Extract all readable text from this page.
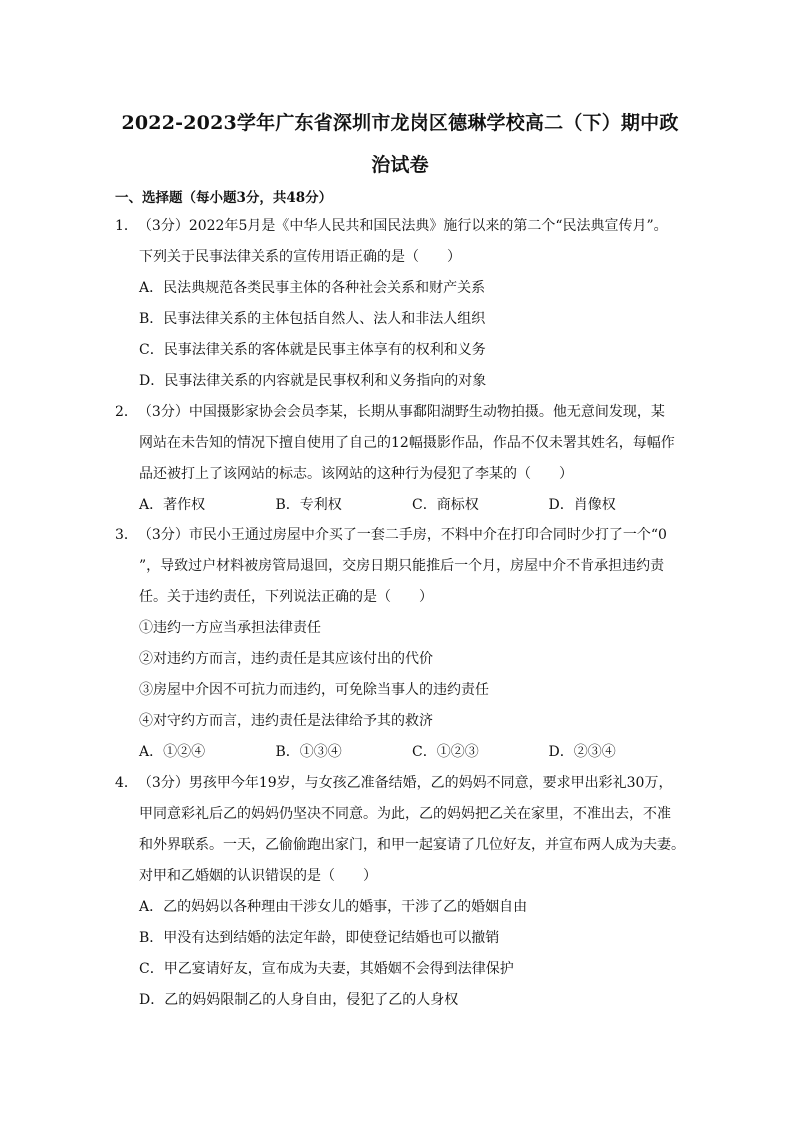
2022-2023学年广东省深圳市龙岗区德琳学校高二（下）期中政
治试卷
一、选择题（每小题3分，共48分）
1．（3分）2022年5月是《中华人民共和国民法典》施行以来的第二个“民法典宣传月”。
下列关于民事法律关系的宣传用语正确的是（　　）
A．民法典规范各类民事主体的各种社会关系和财产关系
B．民事法律关系的主体包括自然人、法人和非法人组织
C．民事法律关系的客体就是民事主体享有的权利和义务
D．民事法律关系的内容就是民事权利和义务指向的对象
2．（3分）中国摄影家协会会员李某，长期从事鄱阳湖野生动物拍摄。他无意间发现，某
网站在未告知的情况下擅自使用了自己的12幅摄影作品，作品不仅未署其姓名，每幅作
品还被打上了该网站的标志。该网站的这种行为侵犯了李某的（　　）
A．著作权	B．专利权	C．商标权	D．肖像权
3．（3分）市民小王通过房屋中介买了一套二手房，不料中介在打印合同时少打了一个“0
”，导致过户材料被房管局退回，交房日期只能推后一个月，房屋中介不肯承担违约责
任。关于违约责任，下列说法正确的是（　　）
①违约一方应当承担法律责任
②对违约方而言，违约责任是其应该付出的代价
③房屋中介因不可抗力而违约，可免除当事人的违约责任
④对守约方而言，违约责任是法律给予其的救济
A．①②④	B．①③④	C．①②③	D．②③④
4．（3分）男孩甲今年19岁，与女孩乙准备结婚，乙的妈妈不同意，要求甲出彩礼30万，
甲同意彩礼后乙的妈妈仍坚决不同意。为此，乙的妈妈把乙关在家里，不准出去，不准
和外界联系。一天，乙偷偷跑出家门，和甲一起宴请了几位好友，并宣布两人成为夫妻。
对甲和乙婚姻的认识错误的是（　　）
A．乙的妈妈以各种理由干涉女儿的婚事，干涉了乙的婚姻自由
B．甲没有达到结婚的法定年龄，即使登记结婚也可以撤销
C．甲乙宴请好友，宣布成为夫妻，其婚姻不会得到法律保护
D．乙的妈妈限制乙的人身自由，侵犯了乙的人身权
